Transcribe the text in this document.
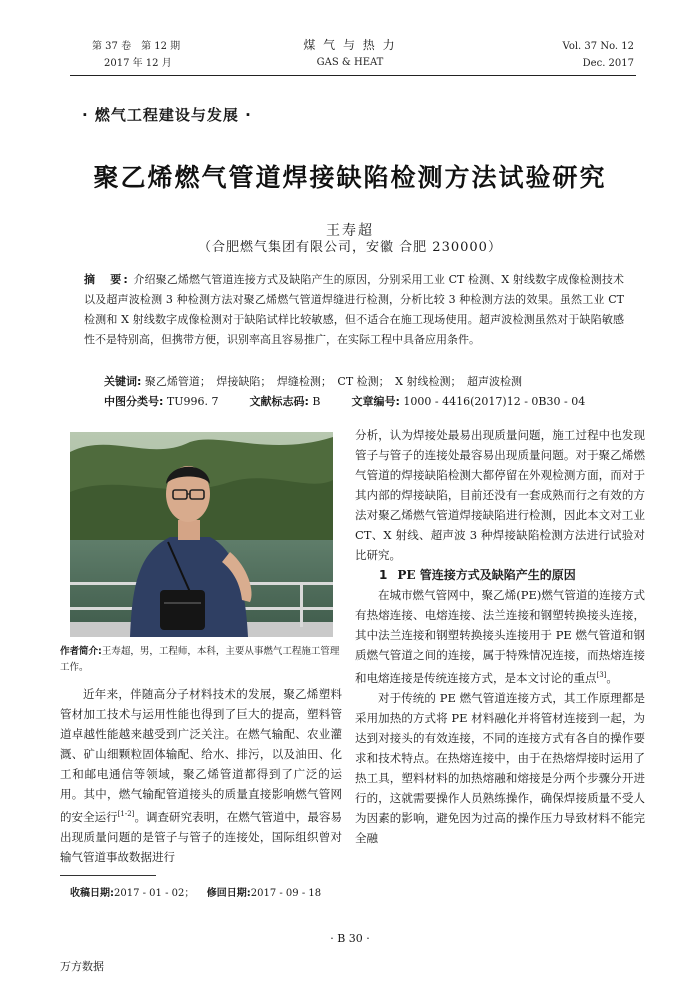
第 37 卷　第 12 期
2017 年 12 月
煤 气 与 热 力
GAS & HEAT
Vol. 37 No. 12
Dec. 2017
· 燃气工程建设与发展 ·
聚乙烯燃气管道焊接缺陷检测方法试验研究
王寿超
（合肥燃气集团有限公司，安徽 合肥 230000）
摘　要: 介绍聚乙烯燃气管道连接方式及缺陷产生的原因，分别采用工业 CT 检测、X 射线数字成像检测技术以及超声波检测 3 种检测方法对聚乙烯燃气管道焊缝进行检测，分析比较 3 种检测方法的效果。虽然工业 CT 检测和 X 射线数字成像检测对于缺陷试样比较敏感，但不适合在施工现场使用。超声波检测虽然对于缺陷敏感性不是特别高，但携带方便，识别率高且容易推广，在实际工程中具备应用条件。
关键词: 聚乙烯管道；　焊接缺陷；　焊缝检测；　CT 检测；　X 射线检测；　超声波检测
中图分类号: TU996. 7	文献标志码: B	文章编号: 1000 - 4416(2017)12 - 0B30 - 04
作者简介:王寿超，男，工程师，本科，主要从事燃气工程施工管理工作。

近年来，伴随高分子材料技术的发展，聚乙烯塑料管材加工技术与运用性能也得到了巨大的提高，塑料管道卓越性能越来越受到广泛关注。在燃气输配、农业灌溉、矿山细颗粒固体输配、给水、排污，以及油田、化工和邮电通信等领域，聚乙烯管道都得到了广泛的运用。其中，燃气输配管道接头的质量直接影响燃气管网的安全运行[1-2]。调查研究表明，在燃气管道中，最容易出现质量问题的是管子与管子的连接处，国际组织曾对输气管道事故数据进行

分析，认为焊接处最易出现质量问题，施工过程中也发现管子与管子的连接处最容易出现质量问题。对于聚乙烯燃气管道的焊接缺陷检测大都停留在外观检测方面，而对于其内部的焊接缺陷，目前还没有一套成熟而行之有效的方法对聚乙烯燃气管道焊接缺陷进行检测，因此本文对工业 CT、X 射线、超声波 3 种焊接缺陷检测方法进行试验对比研究。

1 PE 管连接方式及缺陷产生的原因

在城市燃气管网中，聚乙烯(PE)燃气管道的连接方式有热熔连接、电熔连接、法兰连接和钢塑转换接头连接，其中法兰连接和钢塑转换接头连接用于 PE 燃气管道和钢质燃气管道之间的连接，属于特殊情况连接，而热熔连接和电熔连接是传统连接方式，是本文讨论的重点[3]。

对于传统的 PE 燃气管道连接方式，其工作原理都是采用加热的方式将 PE 材料融化并将管材连接到一起，为达到对接头的有效连接，不同的连接方式有各自的操作要求和技术特点。在热熔连接中，由于在热熔焊接时运用了热工具，塑料材料的加热熔融和熔接是分两个步骤分开进行的，这就需要操作人员熟练操作，确保焊接质量不受人为因素的影响，避免因为过高的操作压力导致材料不能完全融

收稿日期:2017 - 01 - 02； 修回日期:2017 - 09 - 18
· B 30 ·
万方数据
